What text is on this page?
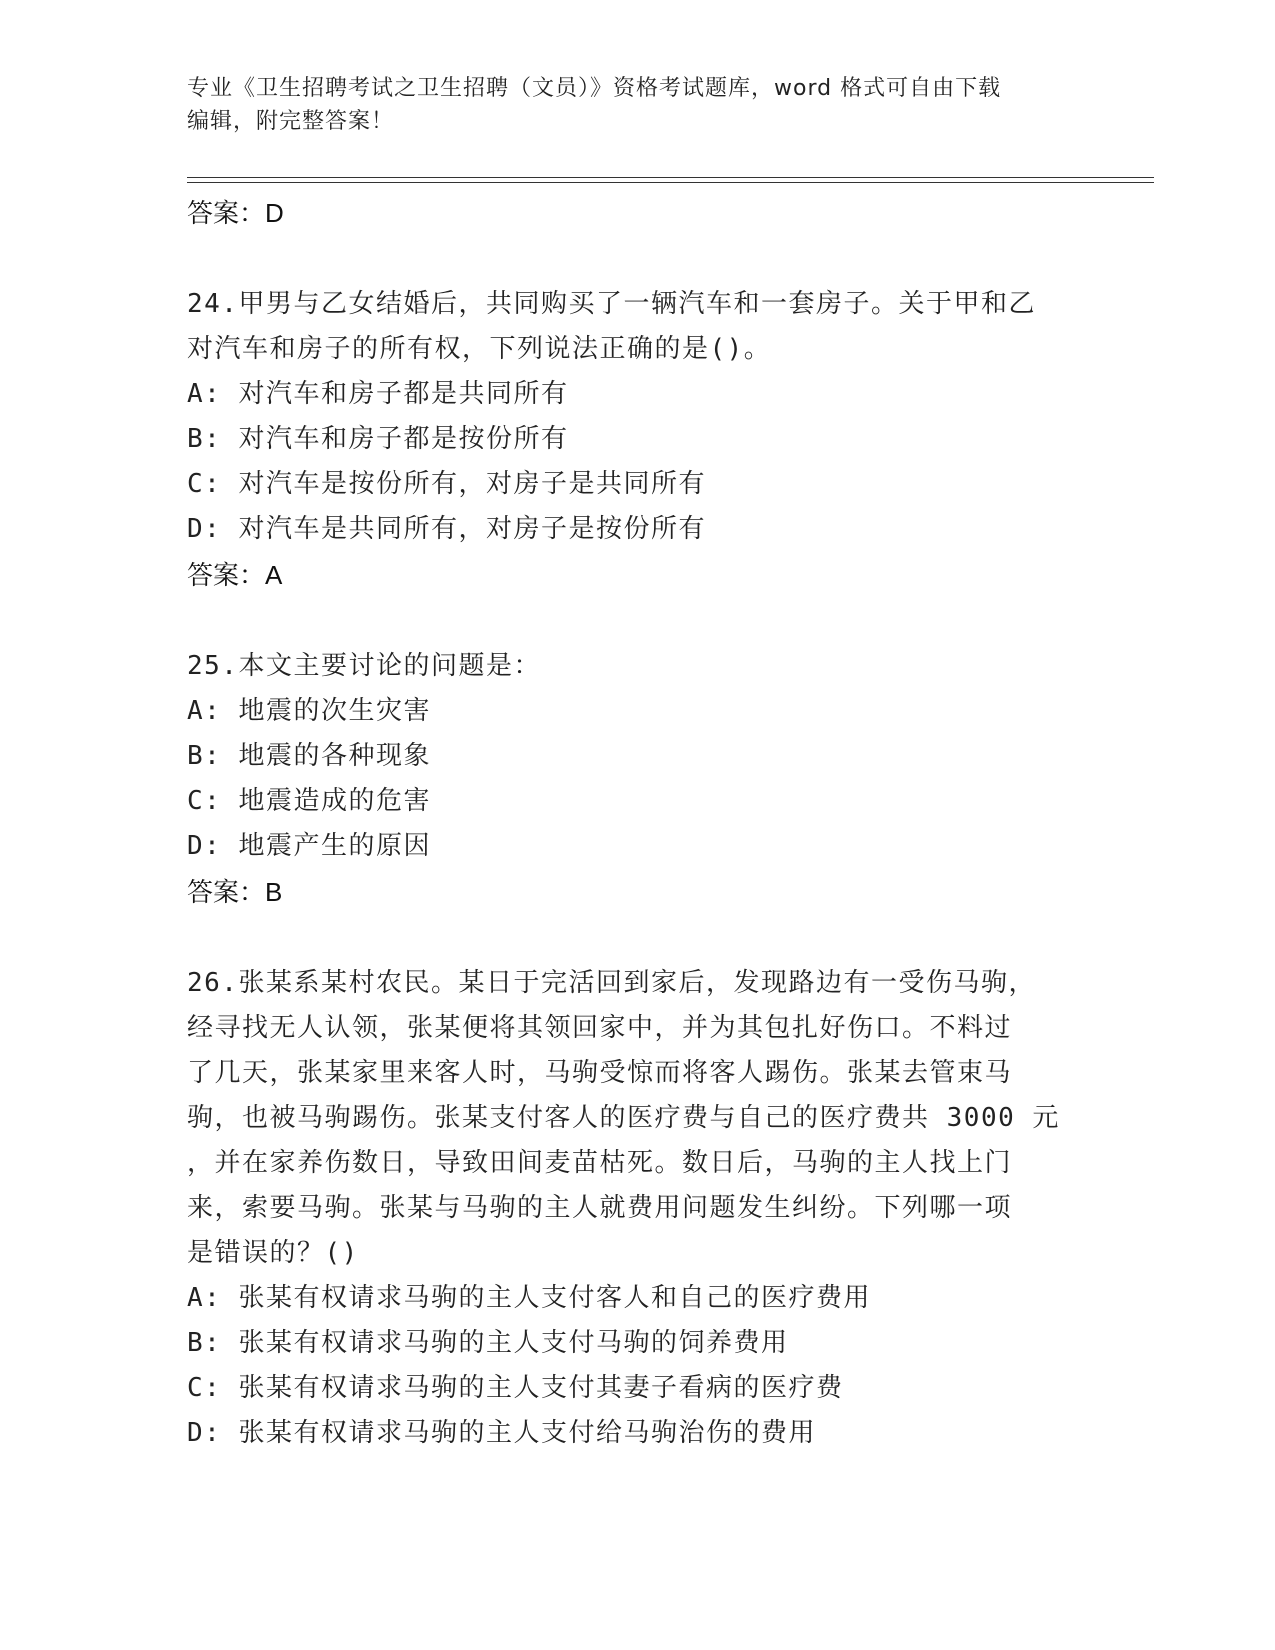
专业《卫生招聘考试之卫生招聘（文员）》资格考试题库，word 格式可自由下载
编辑，附完整答案！

答案：D

24.甲男与乙女结婚后，共同购买了一辆汽车和一套房子。关于甲和乙

对汽车和房子的所有权，下列说法正确的是()。

A: 对汽车和房子都是共同所有

B: 对汽车和房子都是按份所有

C: 对汽车是按份所有，对房子是共同所有

D: 对汽车是共同所有，对房子是按份所有

答案：A

25.本文主要讨论的问题是：

A: 地震的次生灾害

B: 地震的各种现象

C: 地震造成的危害

D: 地震产生的原因

答案：B

26.张某系某村农民。某日于完活回到家后，发现路边有一受伤马驹，

经寻找无人认领，张某便将其领回家中，并为其包扎好伤口。不料过

了几天，张某家里来客人时，马驹受惊而将客人踢伤。张某去管束马

驹，也被马驹踢伤。张某支付客人的医疗费与自己的医疗费共 3000 元

，并在家养伤数日，导致田间麦苗枯死。数日后，马驹的主人找上门

来，索要马驹。张某与马驹的主人就费用问题发生纠纷。下列哪一项

是错误的？()

A: 张某有权请求马驹的主人支付客人和自己的医疗费用

B: 张某有权请求马驹的主人支付马驹的饲养费用

C: 张某有权请求马驹的主人支付其妻子看病的医疗费

D: 张某有权请求马驹的主人支付给马驹治伤的费用
